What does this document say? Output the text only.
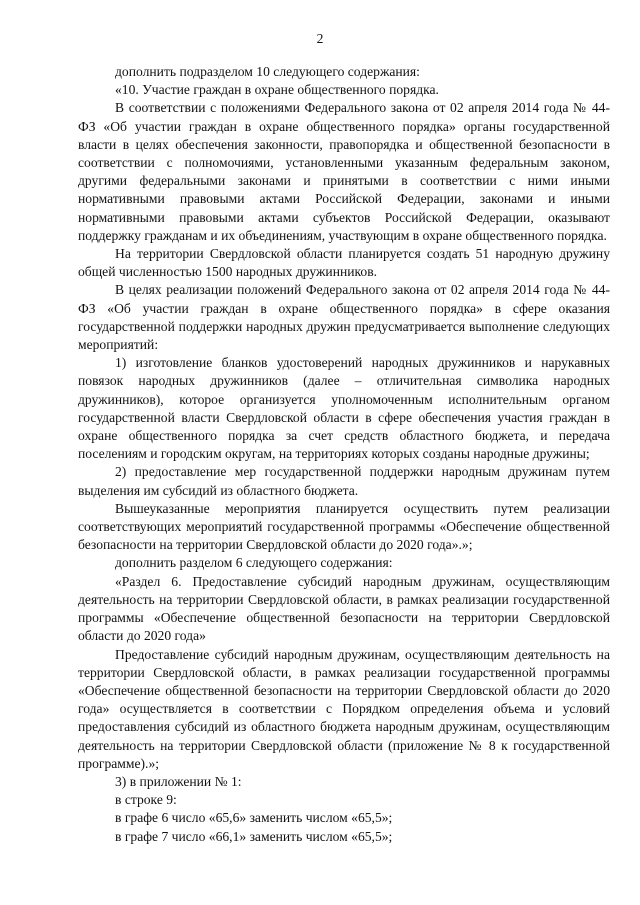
2

дополнить подразделом 10 следующего содержания:

«10. Участие граждан в охране общественного порядка.

В соответствии с положениями Федерального закона от 02 апреля 2014 года № 44-ФЗ «Об участии граждан в охране общественного порядка» органы государственной власти в целях обеспечения законности, правопорядка и общественной безопасности в соответствии с полномочиями, установленными указанным федеральным законом, другими федеральными законами и принятыми в соответствии с ними иными нормативными правовыми актами Российской Федерации, законами и иными нормативными правовыми актами субъектов Российской Федерации, оказывают поддержку гражданам и их объединениям, участвующим в охране общественного порядка.

На территории Свердловской области планируется создать 51 народную дружину общей численностью 1500 народных дружинников.

В целях реализации положений Федерального закона от 02 апреля 2014 года № 44-ФЗ «Об участии граждан в охране общественного порядка» в сфере оказания государственной поддержки народных дружин предусматривается выполнение следующих мероприятий:

1) изготовление бланков удостоверений народных дружинников и нарукавных повязок народных дружинников (далее – отличительная символика народных дружинников), которое организуется уполномоченным исполнительным органом государственной власти Свердловской области в сфере обеспечения участия граждан в охране общественного порядка за счет средств областного бюджета, и передача поселениям и городским округам, на территориях которых созданы народные дружины;

2) предоставление мер государственной поддержки народным дружинам путем выделения им субсидий из областного бюджета.

Вышеуказанные мероприятия планируется осуществить путем реализации соответствующих мероприятий государственной программы «Обеспечение общественной безопасности на территории Свердловской области до 2020 года».»;

дополнить разделом 6 следующего содержания:

«Раздел 6. Предоставление субсидий народным дружинам, осуществляющим деятельность на территории Свердловской области, в рамках реализации государственной программы «Обеспечение общественной безопасности на территории Свердловской области до 2020 года»

Предоставление субсидий народным дружинам, осуществляющим деятельность на территории Свердловской области, в рамках реализации государственной программы «Обеспечение общественной безопасности на территории Свердловской области до 2020 года» осуществляется в соответствии с Порядком определения объема и условий предоставления субсидий из областного бюджета народным дружинам, осуществляющим деятельность на территории Свердловской области (приложение № 8 к государственной программе).»;

3) в приложении № 1:

в строке 9:

в графе 6 число «65,6» заменить числом «65,5»;

в графе 7 число «66,1» заменить числом «65,5»;
